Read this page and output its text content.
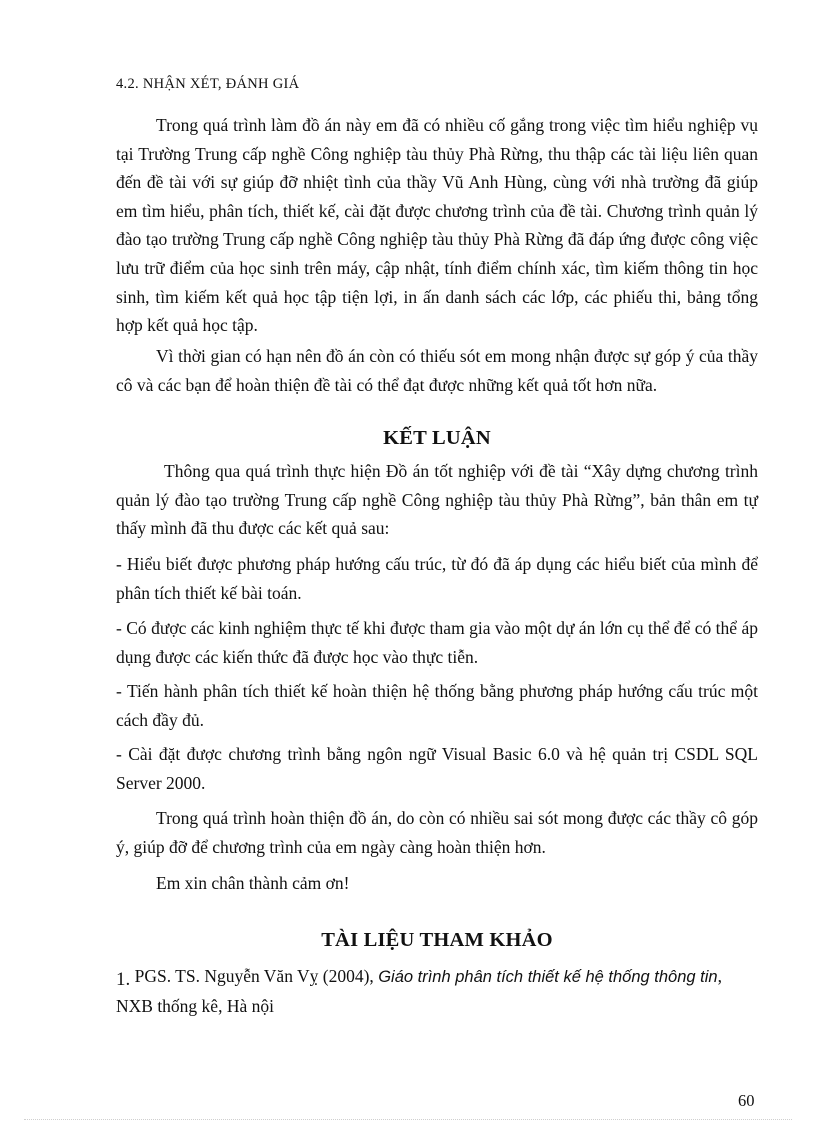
4.2. NHẬN XÉT, ĐÁNH GIÁ

Trong quá trình làm đồ án này em đã có nhiều cố gắng trong việc tìm hiểu nghiệp vụ tại Trường Trung cấp nghề Công nghiệp tàu thủy Phà Rừng, thu thập các tài liệu liên quan đến đề tài với sự giúp đỡ nhiệt tình của thầy Vũ Anh Hùng, cùng với nhà trường đã giúp em tìm hiểu, phân tích, thiết kế, cài đặt được chương trình của đề tài. Chương trình quản lý đào tạo trường Trung cấp nghề Công nghiệp tàu thủy Phà Rừng đã đáp ứng được công việc lưu trữ điểm của học sinh trên máy, cập nhật, tính điểm chính xác, tìm kiếm thông tin học sinh, tìm kiếm kết quả học tập tiện lợi, in ấn danh sách các lớp, các phiếu thi, bảng tổng hợp kết quả học tập.

Vì thời gian có hạn nên đồ án còn có thiếu sót em mong nhận được sự góp ý của thầy cô và các bạn để hoàn thiện đề tài có thể đạt được những kết quả tốt hơn nữa.

KẾT LUẬN

Thông qua quá trình thực hiện Đồ án tốt nghiệp với đề tài “Xây dựng chương trình quản lý đào tạo trường Trung cấp nghề Công nghiệp tàu thủy Phà Rừng”, bản thân em tự thấy mình đã thu được các kết quả sau:

- Hiểu biết được phương pháp hướng cấu trúc, từ đó đã áp dụng các hiểu biết của mình để phân tích thiết kế bài toán.

- Có được các kinh nghiệm thực tế khi được tham gia vào một dự án lớn cụ thể để có thể áp dụng được các kiến thức đã được học vào thực tiễn.

- Tiến hành phân tích thiết kế hoàn thiện hệ thống bằng phương pháp hướng cấu trúc một cách đầy đủ.

- Cài đặt được chương trình bằng ngôn ngữ Visual Basic 6.0 và hệ quản trị CSDL SQL Server 2000.

Trong quá trình hoàn thiện đồ án, do còn có nhiều sai sót mong được các thầy cô góp ý, giúp đỡ để chương trình của em ngày càng hoàn thiện hơn.

Em xin chân thành cảm ơn!

TÀI LIỆU THAM KHẢO

1. PGS. TS. Nguyễn Văn Vỵ (2004), Giáo trình phân tích thiết kế hệ thống thông tin, NXB thống kê, Hà nội

60
